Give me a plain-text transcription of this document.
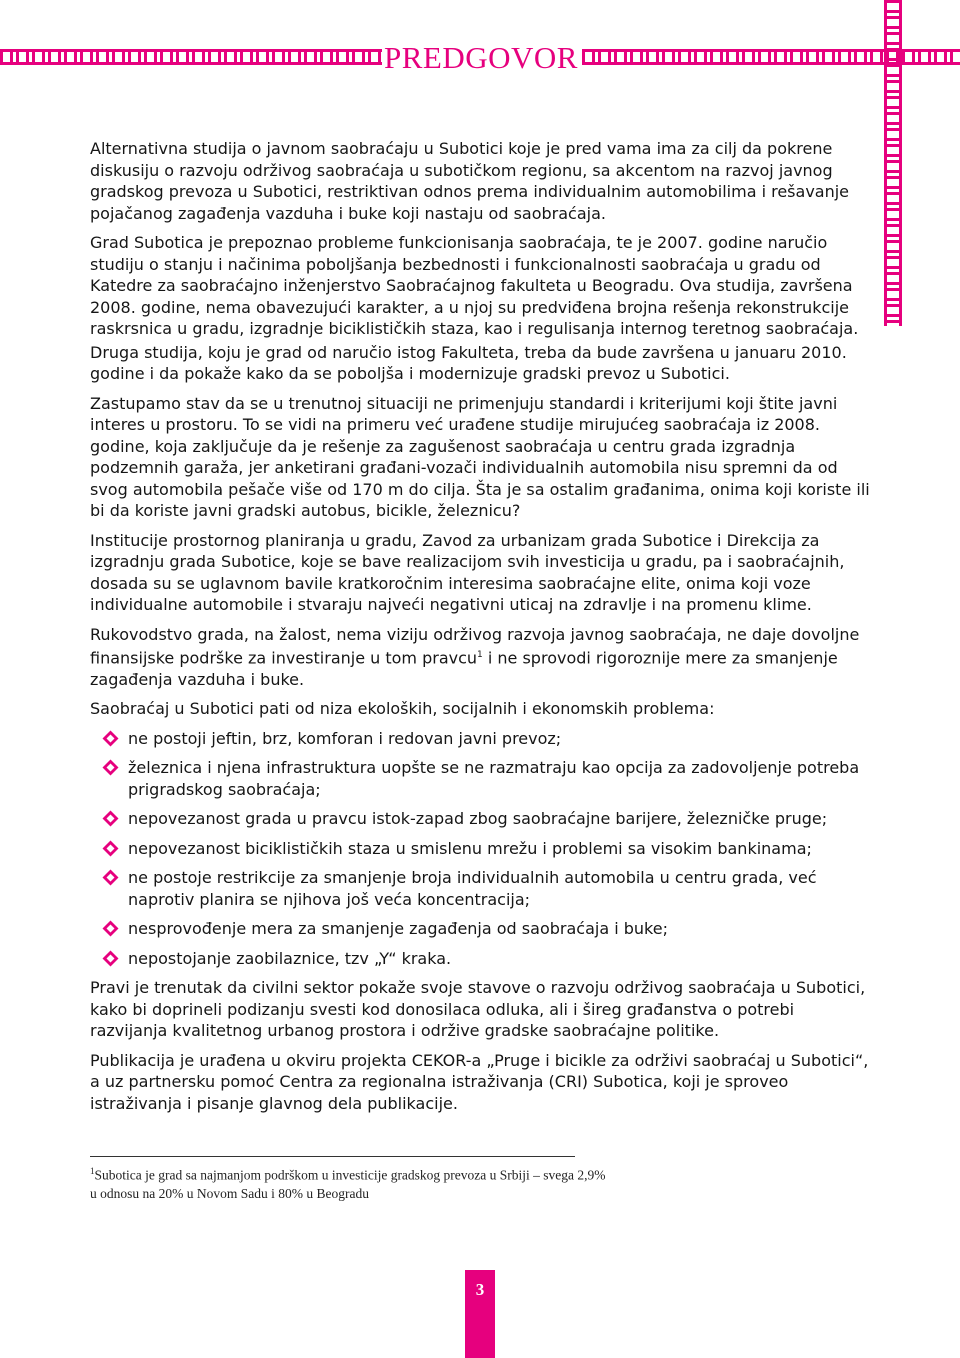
PREDGOVOR

Alternativna studija o javnom saobraćaju u Subotici koje je pred vama ima za cilj da pokrene diskusiju o razvoju održivog saobraćaja u subotičkom regionu, sa akcentom na razvoj javnog gradskog prevoza u Subotici, restriktivan odnos prema individualnim automobilima i rešavanje pojačanog zagađenja vazduha i buke koji nastaju od saobraćaja.

Grad Subotica je prepoznao probleme funkcionisanja saobraćaja, te je 2007. godine naručio studiju o stanju i načinima poboljšanja bezbednosti i funkcionalnosti saobraćaja u gradu od Katedre za saobraćajno inženjerstvo Saobraćajnog fakulteta u Beogradu. Ova studija, završena 2008. godine, nema obavezujući karakter, a u njoj su predviđena brojna rešenja rekonstrukcije raskrsnica u gradu, izgradnje biciklističkih staza, kao i regulisanja internog teretnog saobraćaja.

Druga studija, koju je grad od naručio istog Fakulteta, treba da bude završena u januaru 2010. godine i da pokaže kako da se poboljša i modernizuje gradski prevoz u Subotici.

Zastupamo stav da se u trenutnoj situaciji ne primenjuju standardi i kriterijumi koji štite javni interes u prostoru. To se vidi na primeru već urađene studije mirujućeg saobraćaja iz 2008. godine, koja zaključuje da je rešenje za zagušenost saobraćaja u centru grada izgradnja podzemnih garaža, jer anketirani građani-vozači individualnih automobila nisu spremni da od svog automobila pešače više od 170 m do cilja. Šta je sa ostalim građanima, onima koji koriste ili bi da koriste javni gradski autobus, bicikle, železnicu?

Institucije prostornog planiranja u gradu, Zavod za urbanizam grada Subotice i Direkcija za izgradnju grada Subotice, koje se bave realizacijom svih investicija u gradu, pa i saobraćajnih, dosada su se uglavnom bavile kratkoročnim interesima saobraćajne elite, onima koji voze individualne automobile i stvaraju najveći negativni uticaj na zdravlje i na promenu klime.

Rukovodstvo grada, na žalost, nema viziju održivog razvoja javnog saobraćaja, ne daje dovoljne finansijske podrške za investiranje u tom pravcu$^1$ i ne sprovodi rigoroznije mere za smanjenje zagađenja vazduha i buke.

Saobraćaj u Subotici pati od niza ekoloških, socijalnih i ekonomskih problema:

ne postoji jeftin, brz, komforan i redovan javni prevoz;
železnica i njena infrastruktura uopšte se ne razmatraju kao opcija za zadovoljenje potreba prigradskog saobraćaja;
nepovezanost grada u pravcu istok-zapad zbog saobraćajne barijere, železničke pruge;
nepovezanost biciklističkih staza u smislenu mrežu i problemi sa visokim bankinama;
ne postoje restrikcije za smanjenje broja individualnih automobila u centru grada, već naprotiv planira se njihova još veća koncentracija;
nesprovođenje mera za smanjenje zagađenja od saobraćaja i buke;
nepostojanje zaobilaznice, tzv „Y“ kraka.

Pravi je trenutak da civilni sektor pokaže svoje stavove o razvoju održivog saobraćaja u Subotici, kako bi doprineli podizanju svesti kod donosilaca odluka, ali i šireg građanstva o potrebi razvijanja kvalitetnog urbanog prostora i održive gradske saobraćajne politike.

Publikacija je urađena u okviru projekta CEKOR-a „Pruge i bicikle za održivi saobraćaj u Subotici“, a uz partnersku pomoć Centra za regionalna istraživanja (CRI) Subotica, koji je sproveo istraživanja i pisanje glavnog dela publikacije.

$^1$Subotica je grad sa najmanjom podrškom u investicije gradskog prevoza u Srbiji – svega 2,9%
u odnosu na 20% u Novom Sadu i 80% u Beogradu
3
